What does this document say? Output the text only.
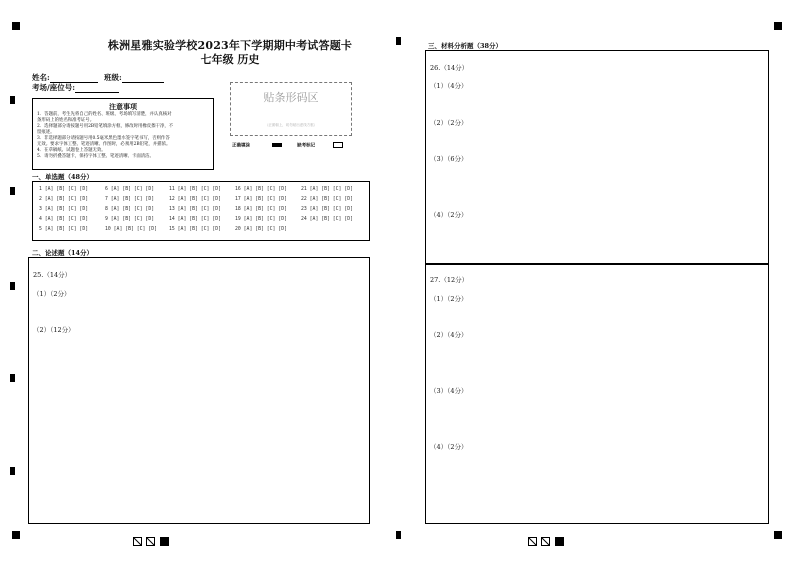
株洲星雅实验学校2023年下学期期中考试答题卡
七年级 历史
姓名:	班级:
考场/座位号:
注意事项
1．答题前，考生先将自己的姓名、班级、考场填写清楚，并认真核对
条形码上的姓名和准考证号。
2．选择题部分请按题号用2B铅笔填涂方框，修改时用橡皮擦干净，不
留痕迹。
3．非选择题部分请按题号用0.5毫米黑色墨水签字笔书写，否则作答
无效。要求字体工整、笔迹清晰。作图时，必须用2B铅笔，并描浓。
4．在草稿纸、试题卷上答题无效。
5．请勿折叠答题卡，保持字体工整、笔迹清晰、卡面清洁。
贴条形码区
（正面朝上，切勿贴出虚线方框）
正确填涂	缺考标记
一、单选题（48分）
1 [A] [B] [C] [D]	6 [A] [B] [C] [D]	11 [A] [B] [C] [D]	16 [A] [B] [C] [D]	21 [A] [B] [C] [D]
2 [A] [B] [C] [D]	7 [A] [B] [C] [D]	12 [A] [B] [C] [D]	17 [A] [B] [C] [D]	22 [A] [B] [C] [D]
3 [A] [B] [C] [D]	8 [A] [B] [C] [D]	13 [A] [B] [C] [D]	18 [A] [B] [C] [D]	23 [A] [B] [C] [D]
4 [A] [B] [C] [D]	9 [A] [B] [C] [D]	14 [A] [B] [C] [D]	19 [A] [B] [C] [D]	24 [A] [B] [C] [D]
5 [A] [B] [C] [D]	10 [A] [B] [C] [D]	15 [A] [B] [C] [D]	20 [A] [B] [C] [D]
二、论述题（14分）
25.（14分）
（1）（2分）
（2）（12分）
三、材料分析题（38分）
26.（14分）
（1）（4分）
（2）（2分）
（3）（6分）
（4）（2分）
27.（12分）
（1）（2分）
（2）（4分）
（3）（4分）
（4）（2分）
